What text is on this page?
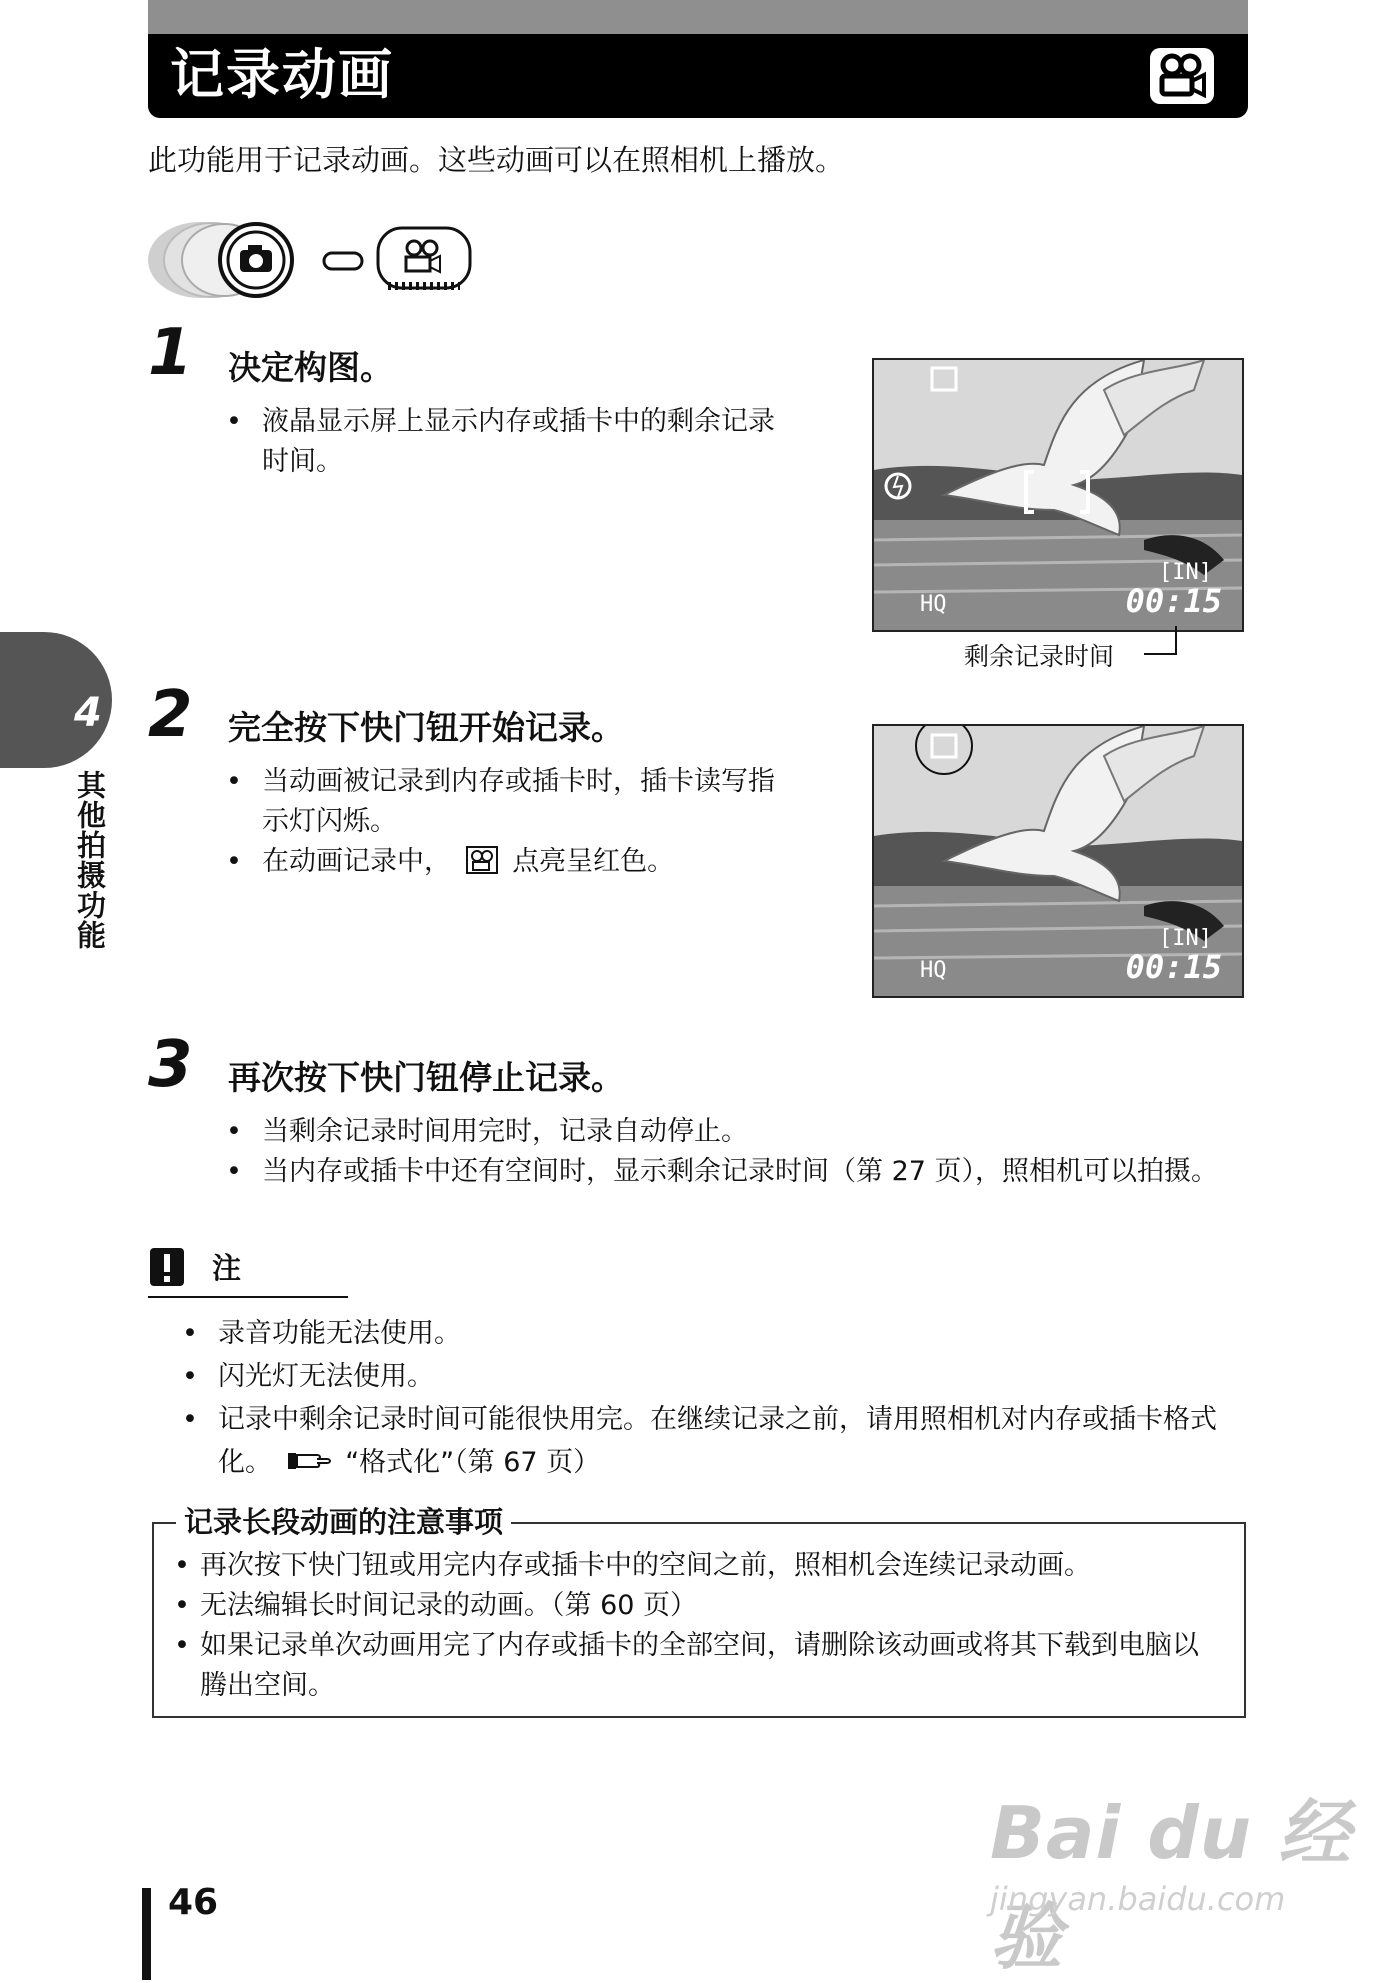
记录动画
此功能用于记录动画。这些动画可以在照相机上播放。
4
其他拍摄功能
1 决定构图。
• 液晶显示屏上显示内存或插卡中的剩余记录时间。
[IN]
HQ	00:15
剩余记录时间
2 完全按下快门钮开始记录。
• 当动画被记录到内存或插卡时，插卡读写指示灯闪烁。
• 在动画记录中， 点亮呈红色。
[IN]
HQ	00:15
3 再次按下快门钮停止记录。
• 当剩余记录时间用完时，记录自动停止。
• 当内存或插卡中还有空间时，显示剩余记录时间（第 27 页），照相机可以拍摄。
注
• 录音功能无法使用。
• 闪光灯无法使用。
• 记录中剩余记录时间可能很快用完。在继续记录之前，请用照相机对内存或插卡格式化。	“格式化”（第 67 页）
记录长段动画的注意事项
• 再次按下快门钮或用完内存或插卡中的空间之前，照相机会连续记录动画。
• 无法编辑长时间记录的动画。（第 60 页）
• 如果记录单次动画用完了内存或插卡的全部空间，请删除该动画或将其下载到电脑以腾出空间。
46
Bai du 经验
jingyan.baidu.com
